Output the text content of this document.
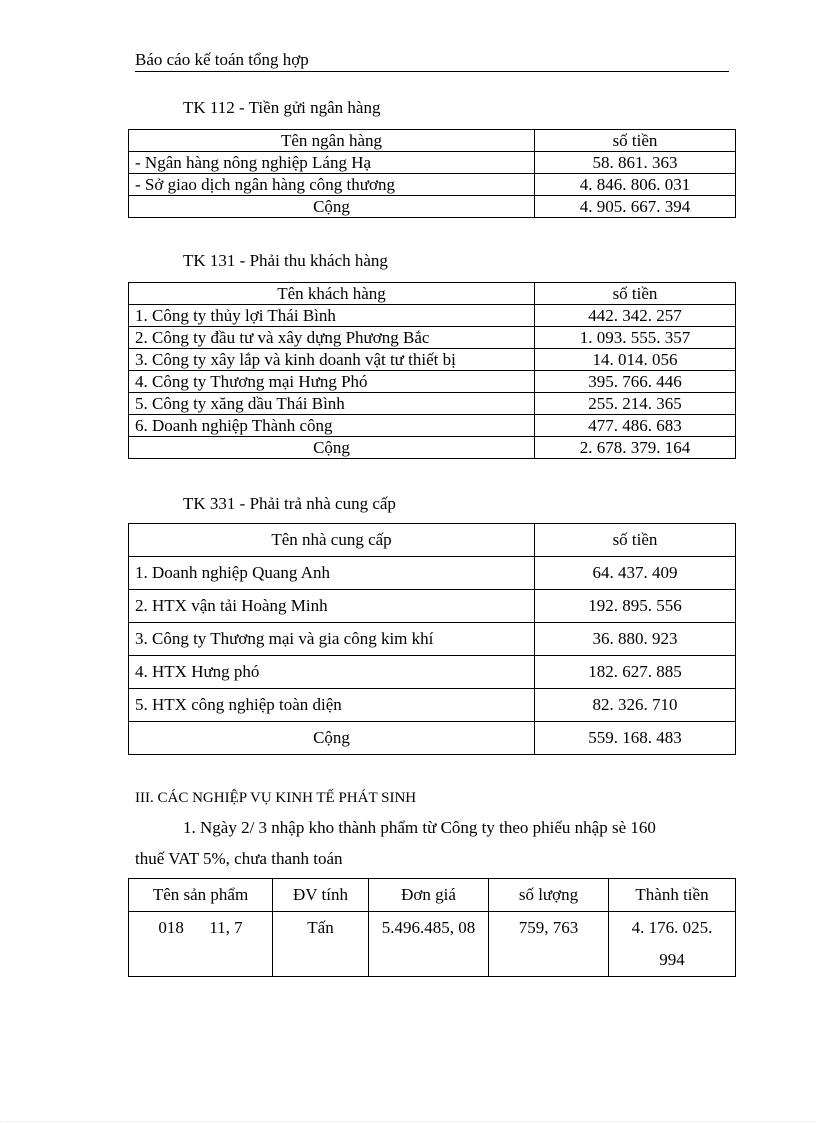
Báo cáo kế toán tổng hợp
TK 112 - Tiền gửi ngân hàng
Tên ngân hàng	số tiền
- Ngân hàng nông nghiệp Láng Hạ	58. 861. 363
- Sở giao dịch ngân hàng công thương	4. 846. 806. 031
Cộng	4. 905. 667. 394
TK 131 - Phải thu khách hàng
Tên khách hàng	số tiền
1. Công ty thủy lợi Thái Bình	442. 342. 257
2. Công ty đầu tư và xây dựng Phương Bắc	1. 093. 555. 357
3. Công ty xây lắp và kinh doanh vật tư thiết bị	14. 014. 056
4. Công ty Thương mại Hưng Phó	395. 766. 446
5. Công ty xăng dầu Thái Bình	255. 214. 365
6. Doanh nghiệp Thành công	477. 486. 683
Cộng	2. 678. 379. 164
TK 331 - Phải trả nhà cung cấp
Tên nhà cung cấp	số tiền
1. Doanh nghiệp Quang Anh	64. 437. 409
2. HTX vận tải Hoàng Minh	192. 895. 556
3. Công ty Thương mại và gia công kim khí	36. 880. 923
4. HTX Hưng phó	182. 627. 885
5. HTX công nghiệp toàn diện	82. 326. 710
Cộng	559. 168. 483
III. CÁC NGHIỆP VỤ KINH TẾ PHÁT SINH
1. Ngày 2/ 3 nhập kho thành phẩm từ Công ty theo phiếu nhập sè 160
thuế VAT 5%, chưa thanh toán
Tên sản phẩm	ĐV tính	Đơn giá	số lượng	Thành tiền
018      11, 7	Tấn	5.496.485, 08	759, 763	4. 176. 025. 994
